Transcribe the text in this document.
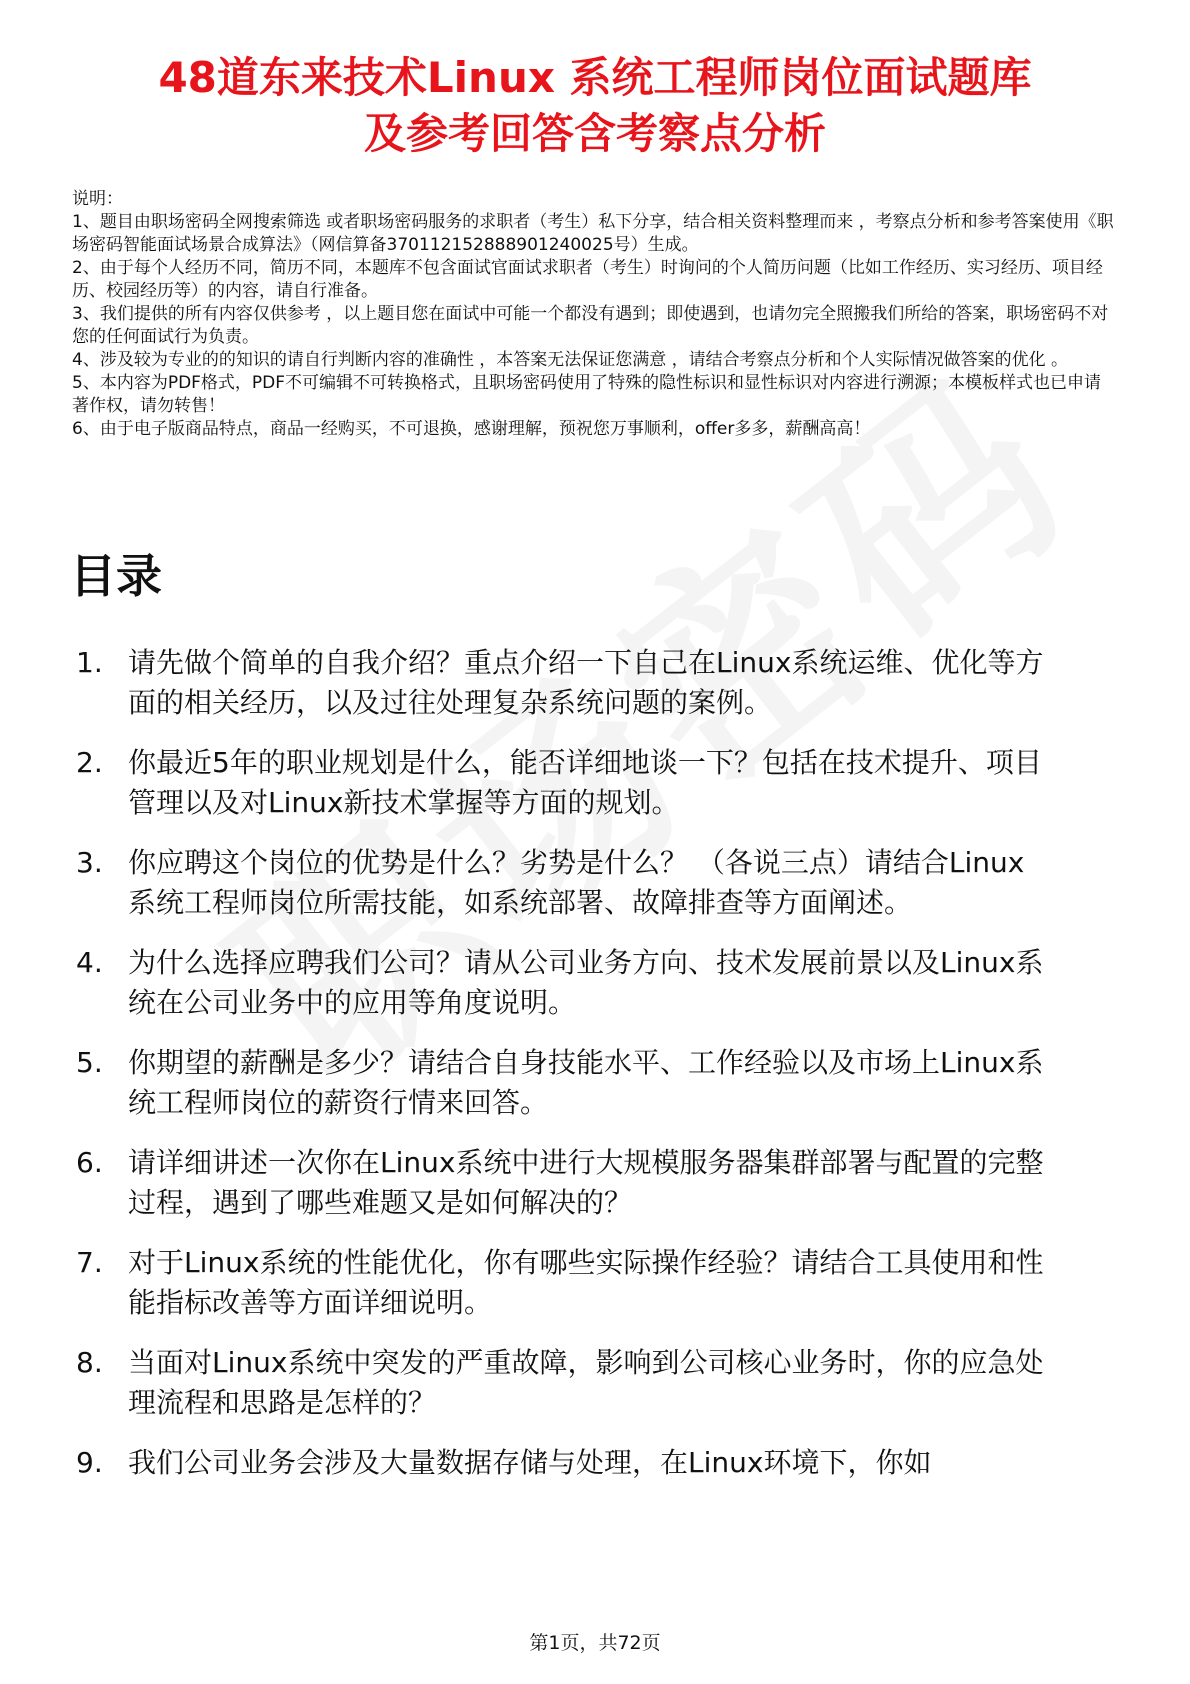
48道东来技术Linux 系统工程师岗位面试题库
及参考回答含考察点分析
说明：
1、题目由职场密码全网搜索筛选 或者职场密码服务的求职者（考生）私下分享，结合相关资料整理而来 ，考察点分析和参考答案使用《职场密码智能面试场景合成算法》（网信算备370112152888901240025号）生成。
2、由于每个人经历不同，简历不同，本题库不包含面试官面试求职者（考生）时询问的个人简历问题（比如工作经历、实习经历、项目经历、校园经历等）的内容，请自行准备。
3、我们提供的所有内容仅供参考 ，以上题目您在面试中可能一个都没有遇到；即使遇到，也请勿完全照搬我们所给的答案，职场密码不对您的任何面试行为负责。
4、涉及较为专业的的知识的请自行判断内容的准确性 ，本答案无法保证您满意 ，请结合考察点分析和个人实际情况做答案的优化 。
5、本内容为PDF格式，PDF不可编辑不可转换格式，且职场密码使用了特殊的隐性标识和显性标识对内容进行溯源；本模板样式也已申请著作权，请勿转售！
6、由于电子版商品特点，商品一经购买，不可退换，感谢理解，预祝您万事顺利，offer多多，薪酬高高！
目录
1. 请先做个简单的自我介绍？重点介绍一下自己在Linux系统运维、优化等方面的相关经历，以及过往处理复杂系统问题的案例。
2. 你最近5年的职业规划是什么，能否详细地谈一下？包括在技术提升、项目管理以及对Linux新技术掌握等方面的规划。
3. 你应聘这个岗位的优势是什么？劣势是什么？ （各说三点）请结合Linux系统工程师岗位所需技能，如系统部署、故障排查等方面阐述。
4. 为什么选择应聘我们公司？请从公司业务方向、技术发展前景以及Linux系统在公司业务中的应用等角度说明。
5. 你期望的薪酬是多少？请结合自身技能水平、工作经验以及市场上Linux系统工程师岗位的薪资行情来回答。
6. 请详细讲述一次你在Linux系统中进行大规模服务器集群部署与配置的完整过程，遇到了哪些难题又是如何解决的？
7. 对于Linux系统的性能优化，你有哪些实际操作经验？请结合工具使用和性能指标改善等方面详细说明。
8. 当面对Linux系统中突发的严重故障，影响到公司核心业务时，你的应急处理流程和思路是怎样的？
9. 我们公司业务会涉及大量数据存储与处理，在Linux环境下，你如
第1页，共72页
